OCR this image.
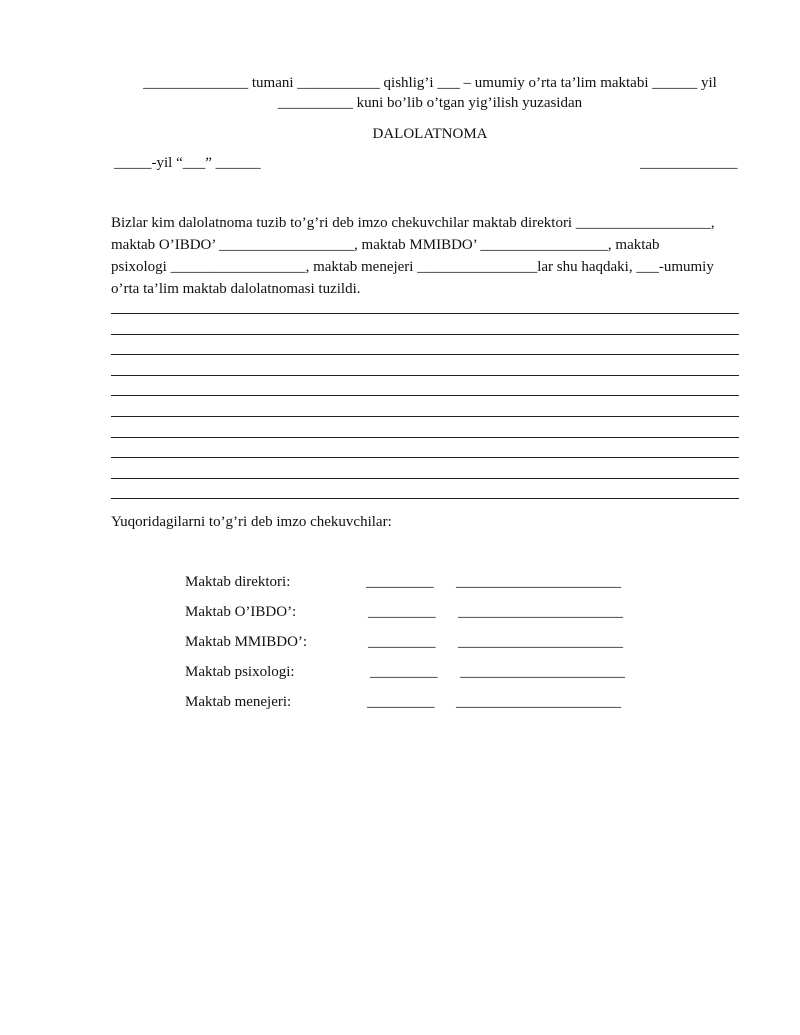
______________ tumani ___________ qishlig’i ___ – umumiy o’rta ta’lim maktabi ______ yil
__________ kuni bo’lib o’tgan yig’ilish yuzasidan
DALOLATNOMA
_____-yil “___” ______	_____________
Bizlar kim dalolatnoma tuzib to’g’ri deb imzo chekuvchilar maktab direktori __________________,
maktab O’IBDO’ __________________, maktab MMIBDO’ _________________, maktab
psixologi __________________, maktab menejeri ________________lar shu haqdaki, ___-umumiy
o’rta ta’lim maktab dalolatnomasi tuzildi.
Yuqoridagilarni to’g’ri deb imzo chekuvchilar:
Maktab direktori:	_________ ______________________
Maktab O’IBDO’:	_________ ______________________
Maktab MMIBDO’:	_________ ______________________
Maktab psixologi:	_________ ______________________
Maktab menejeri:	_________ ______________________
